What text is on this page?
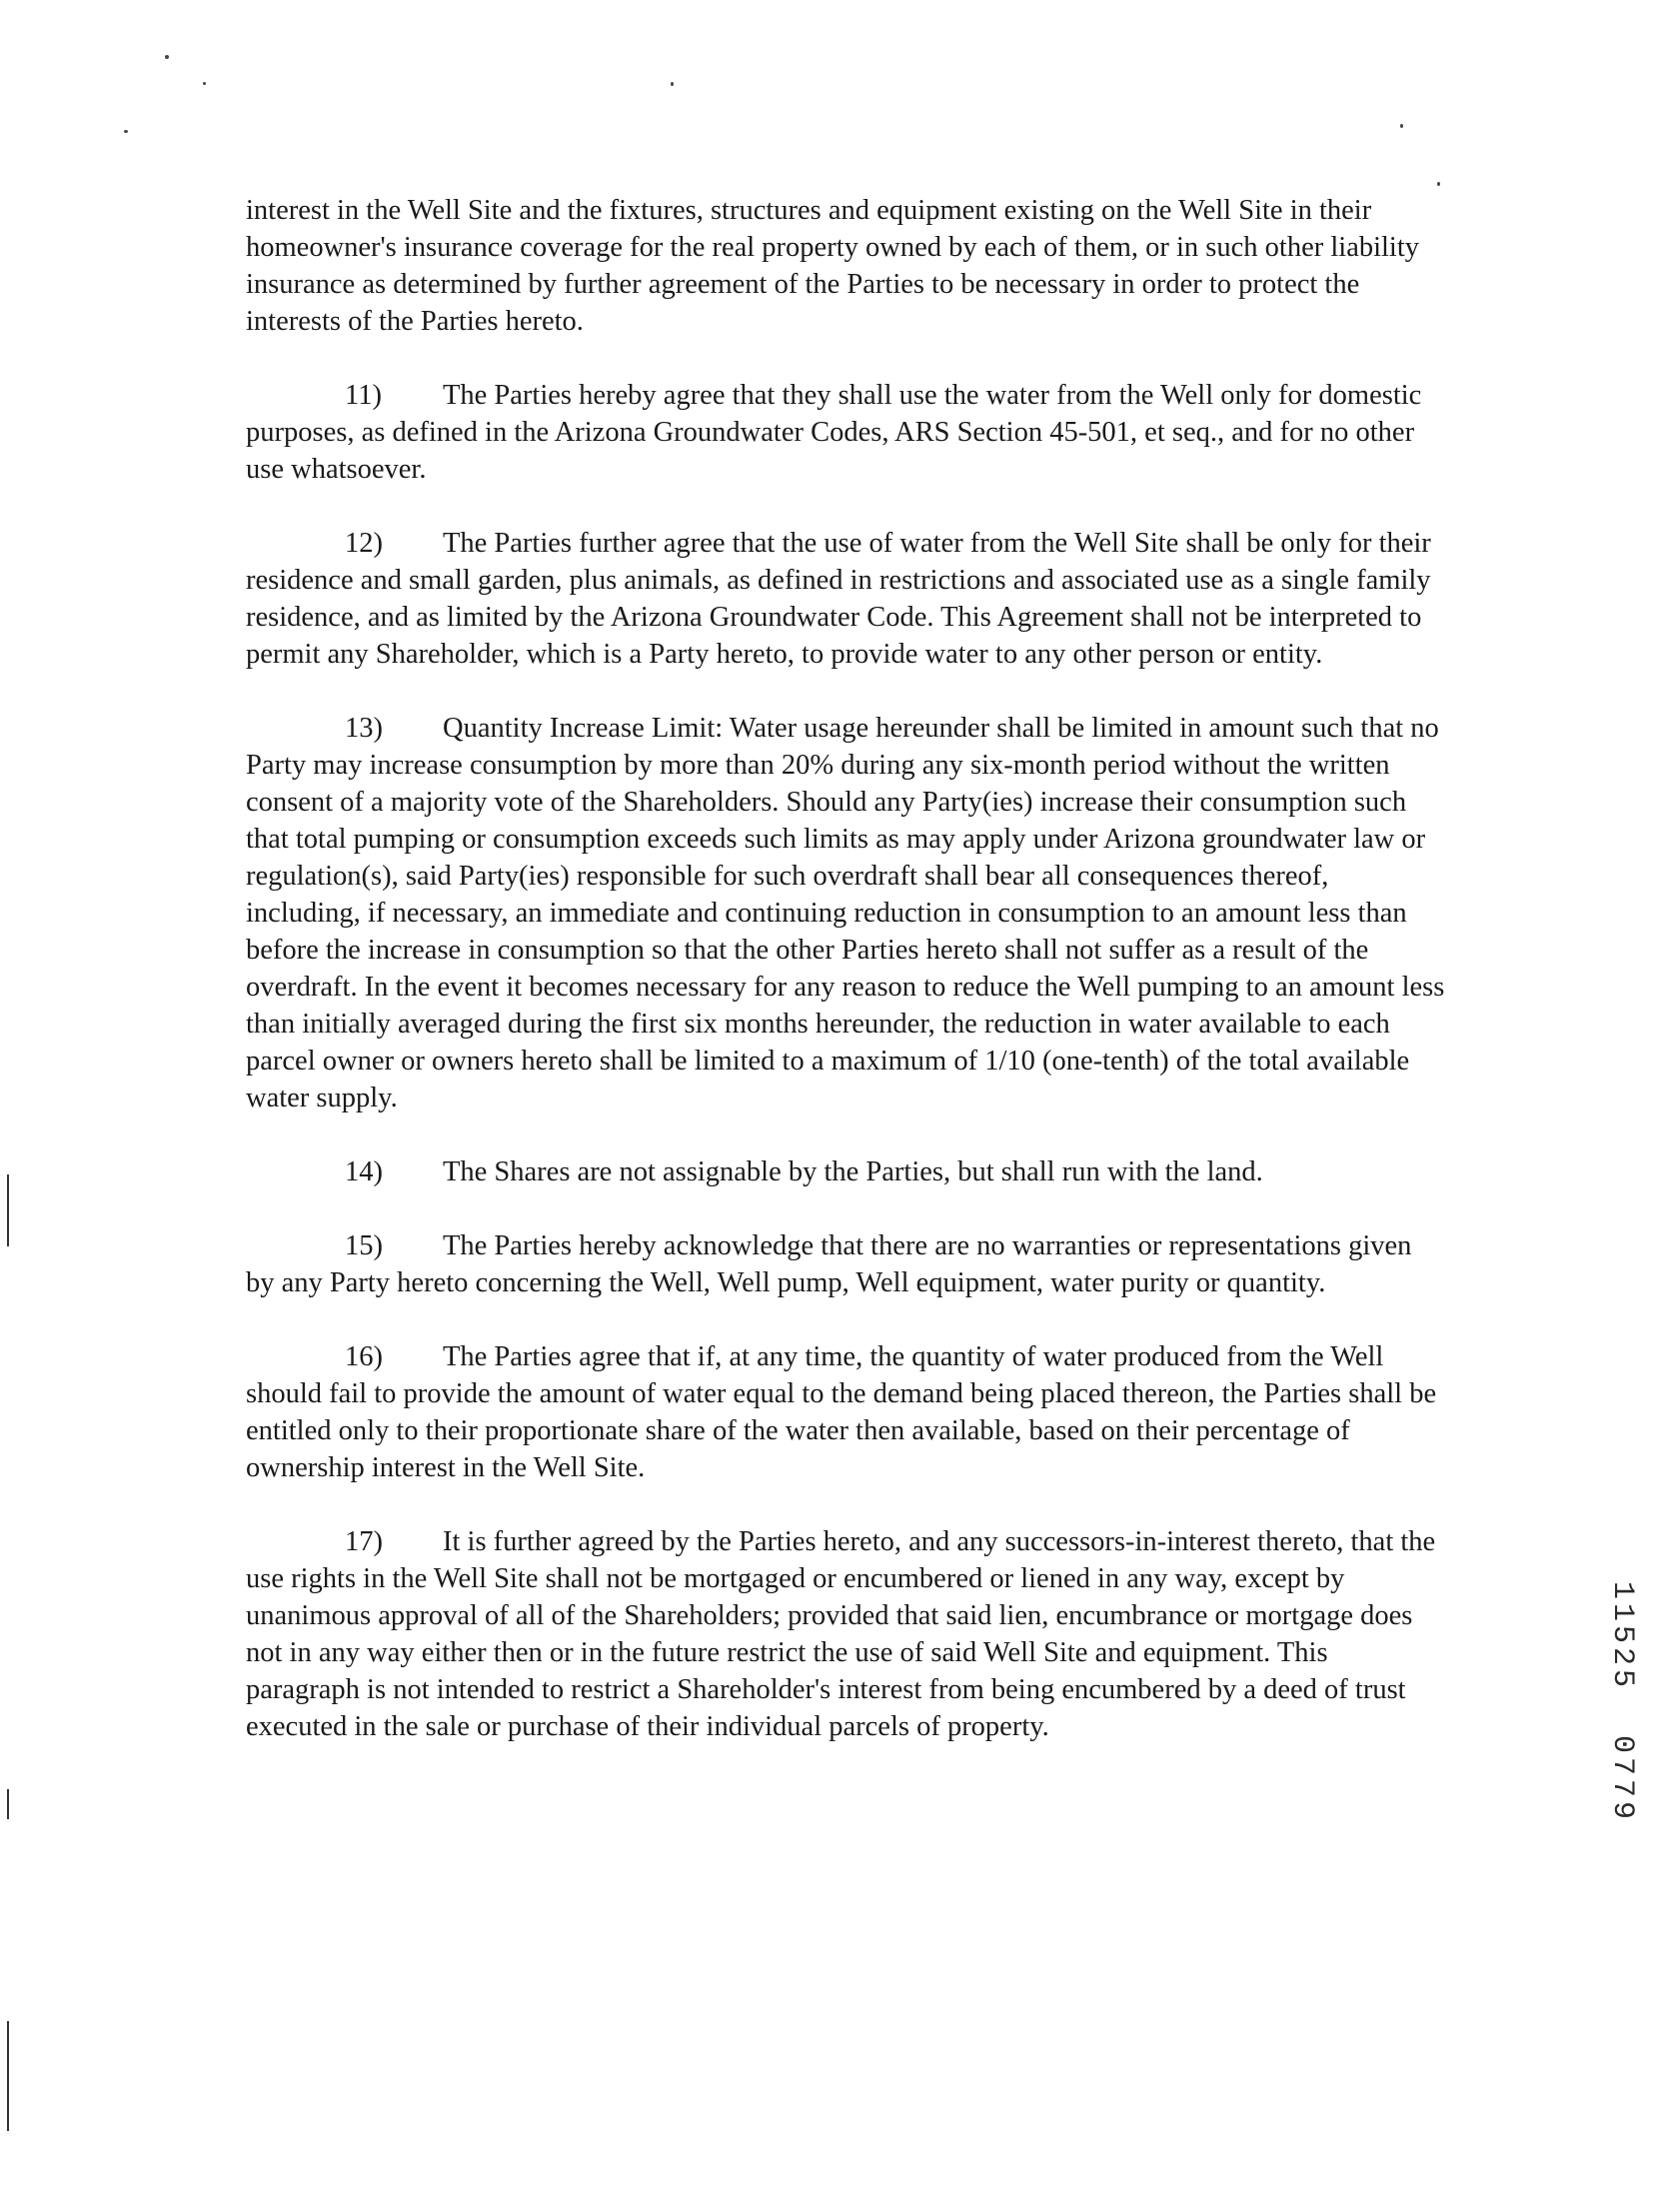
interest in the Well Site and the fixtures, structures and equipment existing on the Well Site in their homeowner's insurance coverage for the real property owned by each of them, or in such other liability insurance as determined by further agreement of the Parties to be necessary in order to protect the interests of the Parties hereto.

11) The Parties hereby agree that they shall use the water from the Well only for domestic purposes, as defined in the Arizona Groundwater Codes, ARS Section 45-501, et seq., and for no other use whatsoever.

12) The Parties further agree that the use of water from the Well Site shall be only for their residence and small garden, plus animals, as defined in restrictions and associated use as a single family residence, and as limited by the Arizona Groundwater Code. This Agreement shall not be interpreted to permit any Shareholder, which is a Party hereto, to provide water to any other person or entity.

13) Quantity Increase Limit: Water usage hereunder shall be limited in amount such that no Party may increase consumption by more than 20% during any six-month period without the written consent of a majority vote of the Shareholders. Should any Party(ies) increase their consumption such that total pumping or consumption exceeds such limits as may apply under Arizona groundwater law or regulation(s), said Party(ies) responsible for such overdraft shall bear all consequences thereof, including, if necessary, an immediate and continuing reduction in consumption to an amount less than before the increase in consumption so that the other Parties hereto shall not suffer as a result of the overdraft. In the event it becomes necessary for any reason to reduce the Well pumping to an amount less than initially averaged during the first six months hereunder, the reduction in water available to each parcel owner or owners hereto shall be limited to a maximum of 1/10 (one-tenth) of the total available water supply.

14) The Shares are not assignable by the Parties, but shall run with the land.

15) The Parties hereby acknowledge that there are no warranties or representations given by any Party hereto concerning the Well, Well pump, Well equipment, water purity or quantity.

16) The Parties agree that if, at any time, the quantity of water produced from the Well should fail to provide the amount of water equal to the demand being placed thereon, the Parties shall be entitled only to their proportionate share of the water then available, based on their percentage of ownership interest in the Well Site.

17) It is further agreed by the Parties hereto, and any successors-in-interest thereto, that the use rights in the Well Site shall not be mortgaged or encumbered or liened in any way, except by unanimous approval of all of the Shareholders; provided that said lien, encumbrance or mortgage does not in any way either then or in the future restrict the use of said Well Site and equipment. This paragraph is not intended to restrict a Shareholder's interest from being encumbered by a deed of trust executed in the sale or purchase of their individual parcels of property.	11525  0779
